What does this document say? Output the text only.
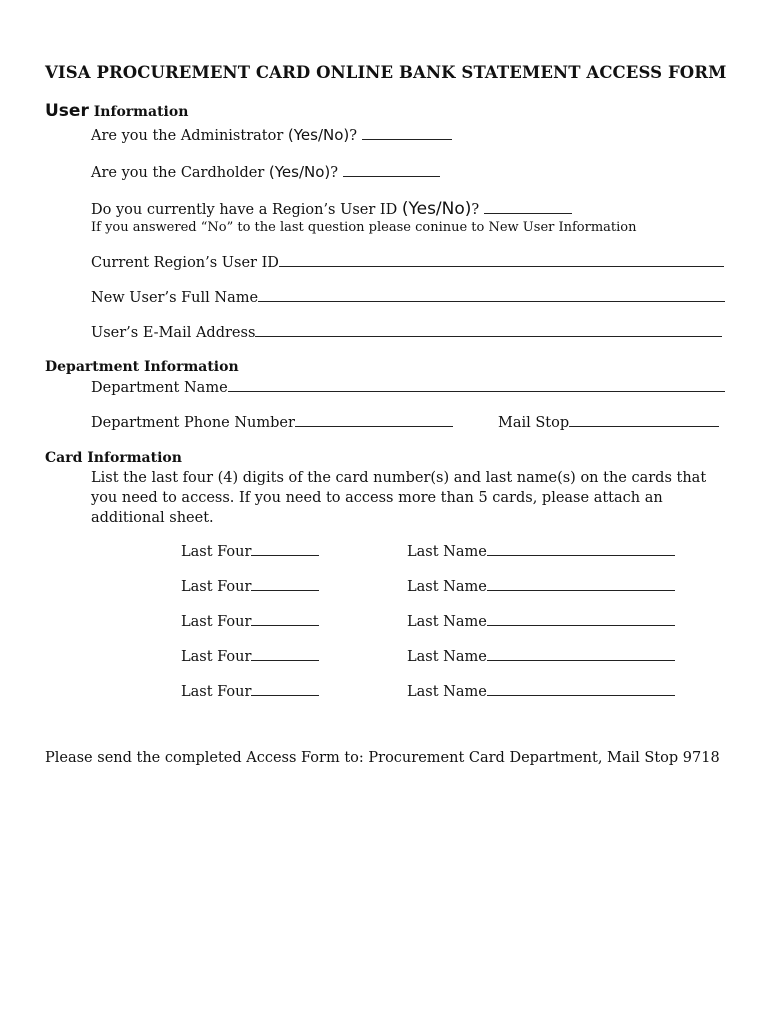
VISA PROCUREMENT CARD ONLINE BANK STATEMENT ACCESS FORM
User Information
Are you the Administrator (Yes/No)?
Are you the Cardholder (Yes/No)?
Do you currently have a Region’s User ID (Yes/No)?
If you answered “No” to the last question please coninue to New User Information
Current Region’s User ID
New User’s Full Name
User’s E-Mail Address
Department Information
Department Name
Department Phone Number	Mail Stop
Card Information
List the last four (4) digits of the card number(s) and last name(s) on the cards that you need to access. If you need to access more than 5 cards, please attach an additional sheet.
Last Four	Last Name
Last Four	Last Name
Last Four	Last Name
Last Four	Last Name
Last Four	Last Name
Please send the completed Access Form to: Procurement Card Department, Mail Stop 9718
